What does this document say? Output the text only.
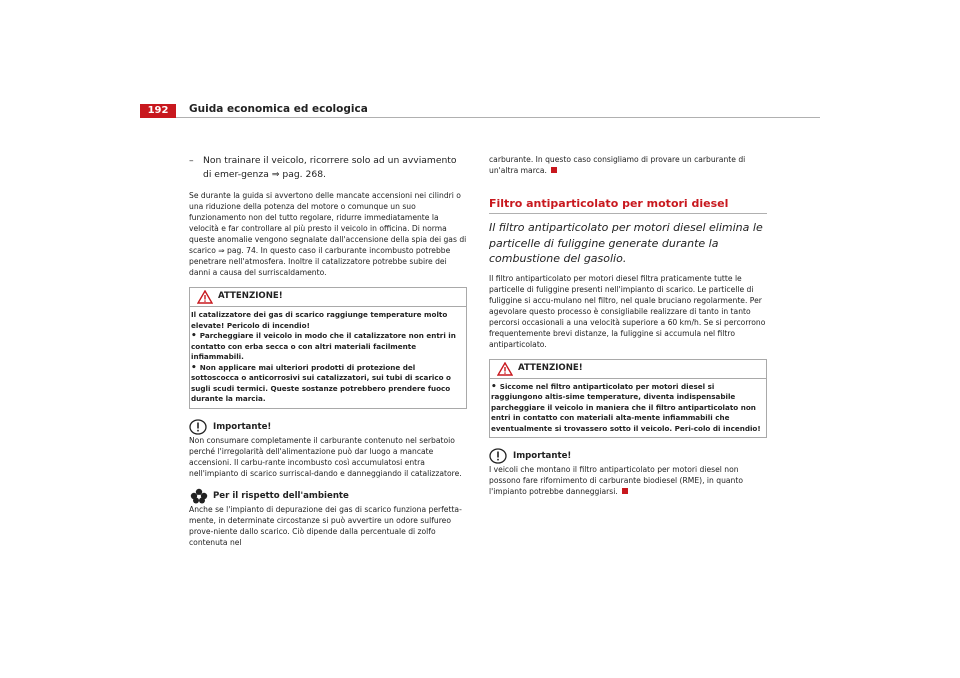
192	Guida economica ed ecologica

– Non trainare il veicolo, ricorrere solo ad un avviamento di emer-genza ⇒ pag. 268.

Se durante la guida si avvertono delle mancate accensioni nei cilindri o una riduzione della potenza del motore o comunque un suo funzionamento non del tutto regolare, ridurre immediatamente la velocità e far controllare al più presto il veicolo in officina. Di norma queste anomalie vengono segnalate dall'accensione della spia dei gas di scarico ⇒ pag. 74. In questo caso il carburante incombusto potrebbe penetrare nell'atmosfera. Inoltre il catalizzatore potrebbe subire dei danni a causa del surriscaldamento.

ATTENZIONE!
Il catalizzatore dei gas di scarico raggiunge temperature molto elevate! Pericolo di incendio!
• Parcheggiare il veicolo in modo che il catalizzatore non entri in contatto con erba secca o con altri materiali facilmente infiammabili.
• Non applicare mai ulteriori prodotti di protezione del sottoscocca o anticorrosivi sui catalizzatori, sui tubi di scarico o sugli scudi termici. Queste sostanze potrebbero prendere fuoco durante la marcia.
Importante!

Non consumare completamente il carburante contenuto nel serbatoio perché l'irregolarità dell'alimentazione può dar luogo a mancate accensioni. Il carbu-rante incombusto così accumulatosi entra nell'impianto di scarico surriscal-dando e danneggiando il catalizzatore.

Per il rispetto dell'ambiente

Anche se l'impianto di depurazione dei gas di scarico funziona perfetta-mente, in determinate circostanze si può avvertire un odore sulfureo prove-niente dallo scarico. Ciò dipende dalla percentuale di zolfo contenuta nel

carburante. In questo caso consigliamo di provare un carburante di un'altra marca.

Filtro antiparticolato per motori diesel

Il filtro antiparticolato per motori diesel elimina le particelle di fuliggine generate durante la combustione del gasolio.

Il filtro antiparticolato per motori diesel filtra praticamente tutte le particelle di fuliggine presenti nell'impianto di scarico. Le particelle di fuliggine si accu-mulano nel filtro, nel quale bruciano regolarmente. Per agevolare questo processo è consigliabile realizzare di tanto in tanto percorsi occasionali a una velocità superiore a 60 km/h. Se si percorrono frequentemente brevi distanze, la fuliggine si accumula nel filtro antiparticolato.

ATTENZIONE!
• Siccome nel filtro antiparticolato per motori diesel si raggiungono altis-sime temperature, diventa indispensabile parcheggiare il veicolo in maniera che il filtro antiparticolato non entri in contatto con materiali alta-mente infiammabili che eventualmente si trovassero sotto il veicolo. Peri-colo di incendio!
Importante!

I veicoli che montano il filtro antiparticolato per motori diesel non possono fare rifornimento di carburante biodiesel (RME), in quanto l'impianto potrebbe danneggiarsi.
